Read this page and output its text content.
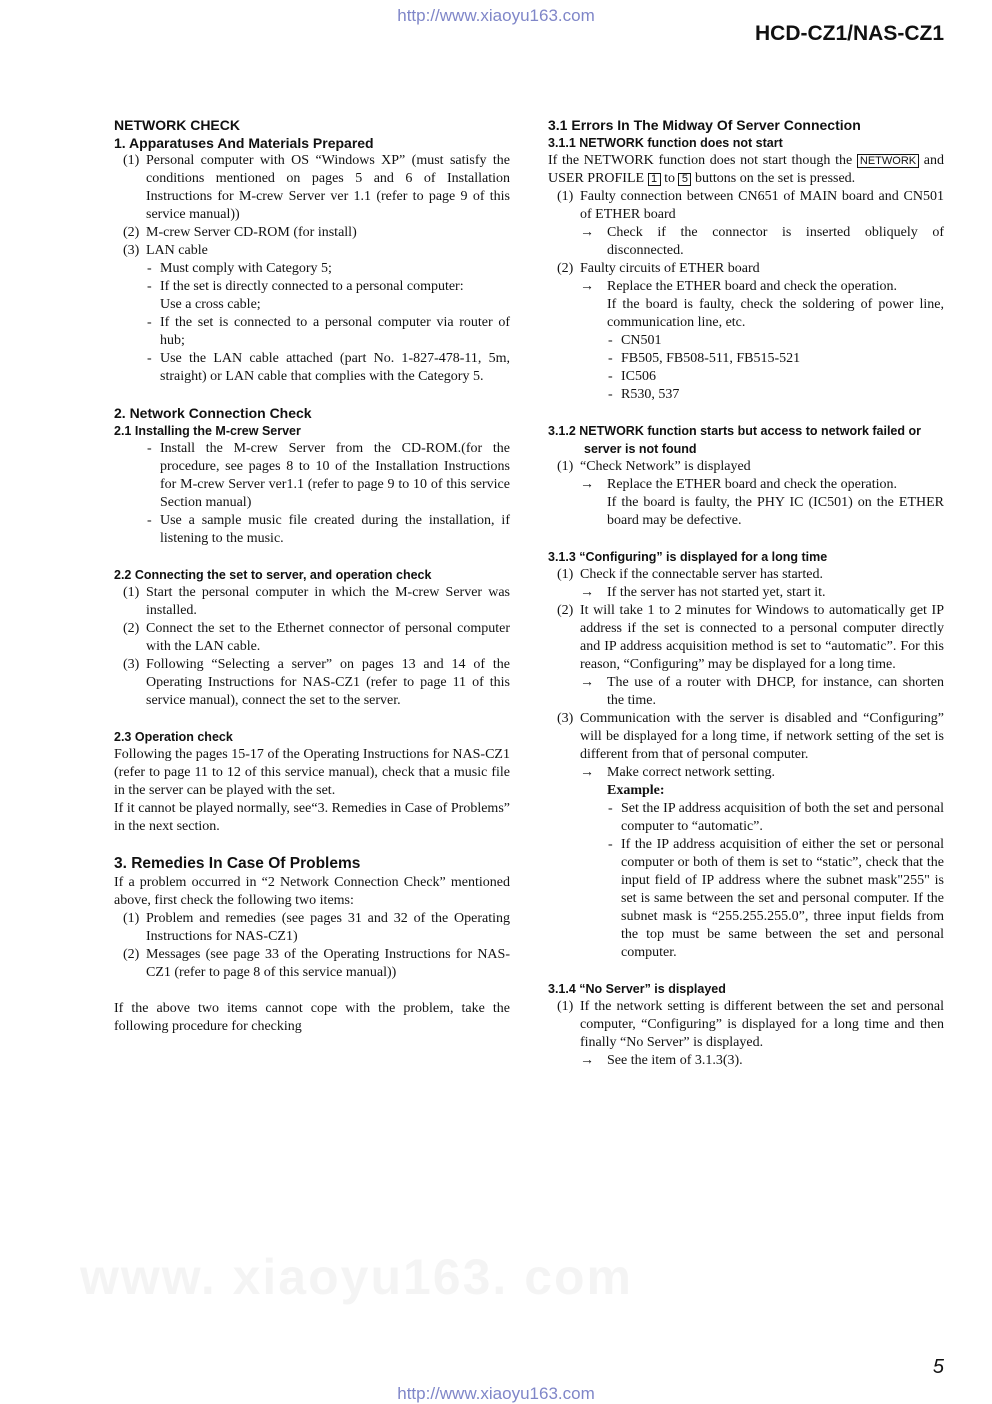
http://www.xiaoyu163.com
HCD-CZ1/NAS-CZ1
NETWORK CHECK
1. Apparatuses And Materials Prepared
(1) Personal computer with OS “Windows XP” (must satisfy the conditions mentioned on pages 5 and 6 of Installation Instructions for M-crew Server ver 1.1 (refer to page 9 of this service manual))
(2) M-crew Server CD-ROM (for install)
(3) LAN cable
- Must comply with Category 5;
- If the set is directly connected to a personal computer:
Use a cross cable;
- If the set is connected to a personal computer via router of hub;
- Use the LAN cable attached (part No. 1-827-478-11, 5m, straight) or LAN cable that complies with the Category 5.
2. Network Connection Check
2.1 Installing the M-crew Server
- Install the M-crew Server from the CD-ROM.(for the procedure, see pages 8 to 10 of the Installation Instructions for M-crew Server ver1.1 (refer to page 9 to 10 of this service Section manual)
- Use a sample music file created during the installation, if listening to the music.
2.2 Connecting the set to server, and operation check
(1) Start the personal computer in which the M-crew Server was installed.
(2) Connect the set to the Ethernet connector of personal computer with the LAN cable.
(3) Following “Selecting a server” on pages 13 and 14 of the Operating Instructions for NAS-CZ1 (refer to page 11 of this service manual), connect the set to the server.
2.3 Operation check
Following the pages 15-17 of the Operating Instructions for NAS-CZ1 (refer to page 11 to 12 of this service manual), check that a music file in the server can be played with the set.
If it cannot be played normally, see“3. Remedies in Case of Problems” in the next section.
3. Remedies In Case Of Problems
If a problem occurred in “2 Network Connection Check” mentioned above, first check the following two items:
(1) Problem and remedies (see pages 31 and 32 of the Operating Instructions for NAS-CZ1)
(2) Messages (see page 33 of the Operating Instructions for NAS-CZ1 (refer to page 8 of this service manual))
If the above two items cannot cope with the problem, take the following procedure for checking
3.1 Errors In The Midway Of Server Connection
3.1.1 NETWORK function does not start
If the NETWORK function does not start though the NETWORK and USER PROFILE 1 to 5 buttons on the set is pressed.
(1) Faulty connection between CN651 of MAIN board and CN501 of ETHER board
→ Check if the connector is inserted obliquely of disconnected.
(2) Faulty circuits of ETHER board
→ Replace the ETHER board and check the operation.
If the board is faulty, check the soldering of power line, communication line, etc.
- CN501
- FB505, FB508-511, FB515-521
- IC506
- R530, 537
3.1.2 NETWORK function starts but access to network failed or
server is not found
(1) “Check Network” is displayed
→ Replace the ETHER board and check the operation.
If the board is faulty, the PHY IC (IC501) on the ETHER board may be defective.
3.1.3 “Configuring” is displayed for a long time
(1) Check if the connectable server has started.
→ If the server has not started yet, start it.
(2) It will take 1 to 2 minutes for Windows to automatically get IP address if the set is connected to a personal computer directly and IP address acquisition method is set to “automatic”. For this reason, “Configuring” may be displayed for a long time.
→ The use of a router with DHCP, for instance, can shorten the time.
(3) Communication with the server is disabled and “Configuring” will be displayed for a long time, if network setting of the set is different from that of personal computer.
→ Make correct network setting.
Example:
- Set the IP address acquisition of both the set and personal computer to “automatic”.
- If the IP address acquisition of either the set or personal computer or both of them is set to “static”, check that the input field of IP address where the subnet mask"255" is set is same between the set and personal computer. If the subnet mask is “255.255.255.0”, three input fields from the top must be same between the set and personal computer.
3.1.4 “No Server” is displayed
(1) If the network setting is different between the set and personal computer, “Configuring” is displayed for a long time and then finally “No Server” is displayed.
→ See the item of 3.1.3(3).
5
http://www.xiaoyu163.com
